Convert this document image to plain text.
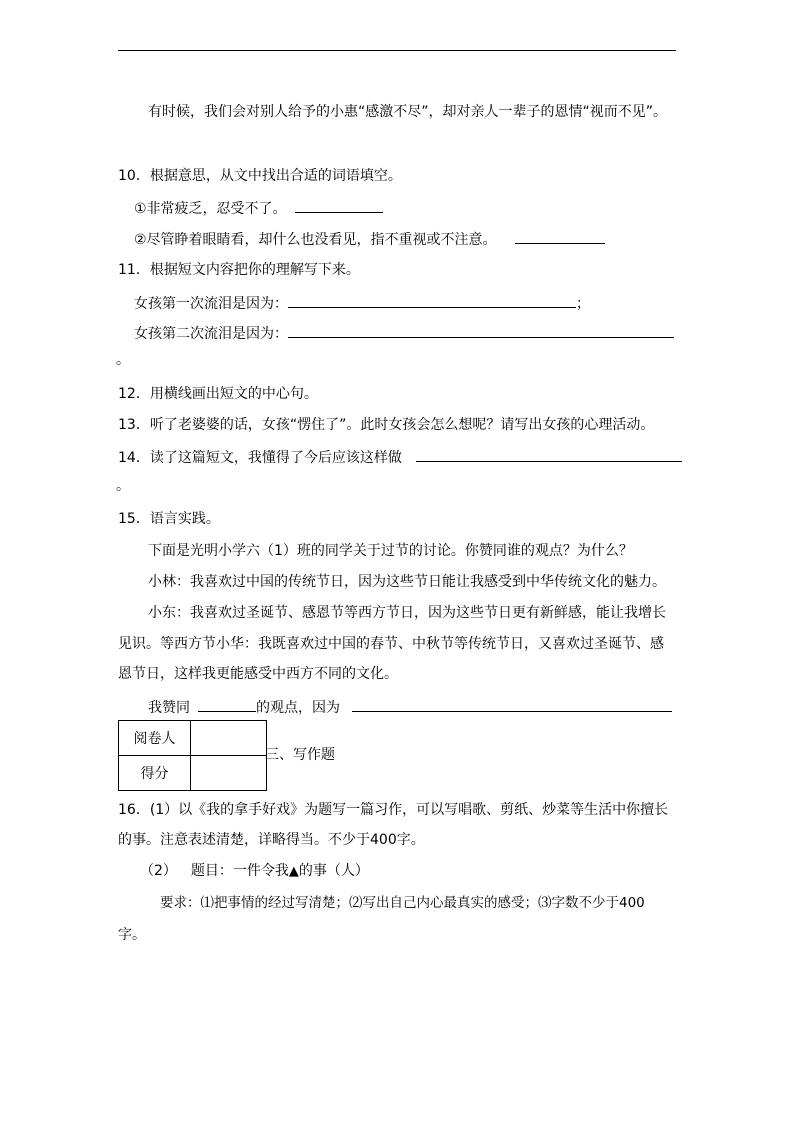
有时候，我们会对别人给予的小惠“感激不尽”，却对亲人一辈子的恩情“视而不见”。
10．根据意思，从文中找出合适的词语填空。
①非常疲乏，忍受不了。
②尽管睁着眼睛看，却什么也没看见，指不重视或不注意。
11．根据短文内容把你的理解写下来。
女孩第一次流泪是因为：	；
女孩第二次流泪是因为：
。
12．用横线画出短文的中心句。
13．听了老婆婆的话，女孩“愣住了”。此时女孩会怎么想呢？请写出女孩的心理活动。
14．读了这篇短文，我懂得了今后应该这样做
。
15．语言实践。
下面是光明小学六（1）班的同学关于过节的讨论。你赞同谁的观点？为什么？
小林：我喜欢过中国的传统节日，因为这些节日能让我感受到中华传统文化的魅力。
小东：我喜欢过圣诞节、感恩节等西方节日，因为这些节日更有新鲜感，能让我增长
见识。等西方节小华：我既喜欢过中国的春节、中秋节等传统节日，又喜欢过圣诞节、感
恩节日，这样我更能感受中西方不同的文化。
我赞同	的观点，因为
阅卷人	
得分	
三、写作题
16．(1）以《我的拿手好戏》为题写一篇习作，可以写唱歌、剪纸、炒菜等生活中你擅长
的事。注意表述清楚，详略得当。不少于400字。
（2） 题目：一件令我▲的事（人）
要求：⑴把事情的经过写清楚；⑵写出自己内心最真实的感受；⑶字数不少于400
字。
